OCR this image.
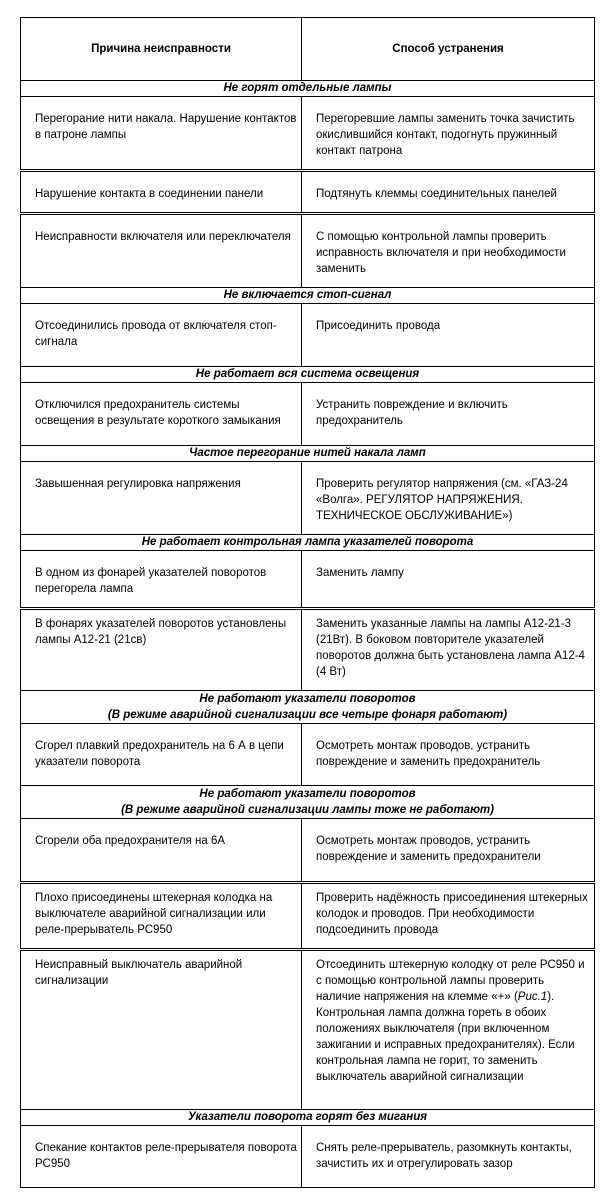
Причина неисправности	Способ устранения
Не горят отдельные лампы	
Перегорание нити накала. Нарушение контактов в патроне лампы	Перегоревшие лампы заменить точка зачистить окислившийся контакт, подогнуть пружинный контакт патрона
Нарушение контакта в соединении панели	Подтянуть клеммы соединительных панелей
Неисправности включателя или переключателя	С помощью контрольной лампы проверить исправность включателя и при необходимости заменить
Не включается стоп-сигнал	
Отсоединились провода от включателя стоп-сигнала	Присоединить провода
Не работает вся система освещения	
Отключился предохранитель системы освещения в результате короткого замыкания	Устранить повреждение и включить предохранитель
Частое перегорание нитей накала ламп	
Завышенная регулировка напряжения	Проверить регулятор напряжения (см. «ГАЗ-24 «Волга». РЕГУЛЯТОР НАПРЯЖЕНИЯ. ТЕХНИЧЕСКОЕ ОБСЛУЖИВАНИЕ»)
Не работает контрольная лампа указателей поворота	
В одном из фонарей указателей поворотов перегорела лампа	Заменить лампу
В фонарях указателей поворотов установлены лампы А12-21 (21св)	Заменить указанные лампы на лампы А12-21-3 (21Вт). В боковом повторителе указателей поворотов должна быть установлена лампа А12-4 (4 Вт)

Не работают указатели поворотов
(В режиме аварийной сигнализации все четыре фонаря работают)	

Сгорел плавкий предохранитель на 6 А в цепи указатели поворота	Осмотреть монтаж проводов, устранить повреждение и заменить предохранитель

Не работают указатели поворотов
(В режиме аварийной сигнализации лампы тоже не работают)	

Сгорели оба предохранителя на 6А	Осмотреть монтаж проводов, устранить повреждение и заменить предохранители
Плохо присоединены штекерная колодка на выключателе аварийной сигнализации или реле-прерыватель РС950	Проверить надёжность присоединения штекерных колодок и проводов. При необходимости подсоединить провода
Неисправный выключатель аварийной сигнализации	Отсоединить штекерную колодку от реле РС950 и с помощью контрольной лампы проверить наличие напряжения на клемме «+» (Рис.1). Контрольная лампа должна гореть в обоих положениях выключателя (при включенном зажигании и исправных предохранителях). Если контрольная лампа не горит, то заменить выключатель аварийной сигнализации
Указатели поворота горят без мигания	
Спекание контактов реле-прерывателя поворота РС950	Снять реле-прерыватель, разомкнуть контакты, зачистить их и отрегулировать зазор
